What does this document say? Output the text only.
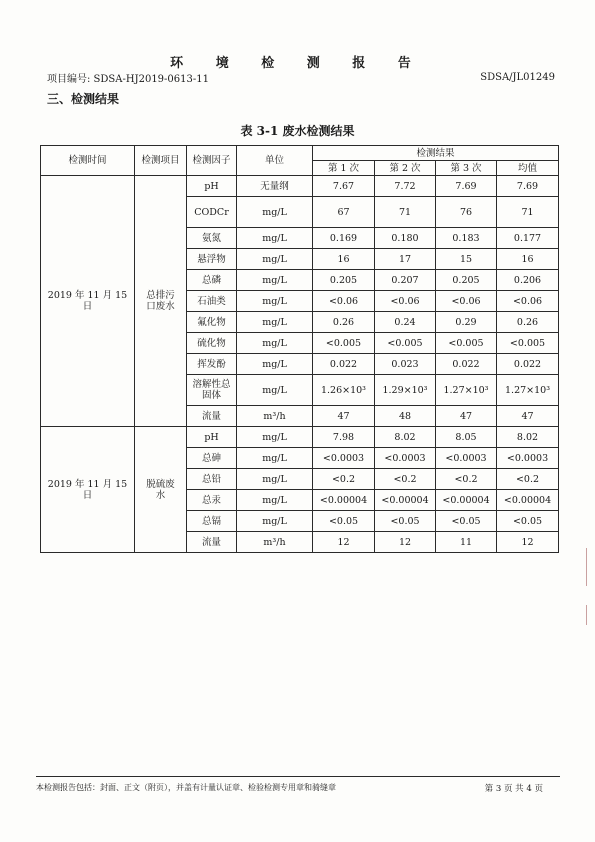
环 境 检 测 报 告
项目编号: SDSA-HJ2019-0613-11	SDSA/JL01249
三、检测结果
表 3-1 废水检测结果
检测时间	检测项目	检测因子	单位	检测结果			
				第 1 次	第 2 次	第 3 次	均值
2019 年 11 月 15 日	总排污口废水	pH	无量纲	7.67	7.72	7.69	7.69
		CODCr	mg/L	67	71	76	71
		氨氮	mg/L	0.169	0.180	0.183	0.177
		悬浮物	mg/L	16	17	15	16
		总磷	mg/L	0.205	0.207	0.205	0.206
		石油类	mg/L	<0.06	<0.06	<0.06	<0.06
		氟化物	mg/L	0.26	0.24	0.29	0.26
		硫化物	mg/L	<0.005	<0.005	<0.005	<0.005
		挥发酚	mg/L	0.022	0.023	0.022	0.022
		溶解性总固体	mg/L	1.26×10³	1.29×10³	1.27×10³	1.27×10³
		流量	m³/h	47	48	47	47
2019 年 11 月 15 日	脱硫废水	pH	mg/L	7.98	8.02	8.05	8.02
		总砷	mg/L	<0.0003	<0.0003	<0.0003	<0.0003
		总铅	mg/L	<0.2	<0.2	<0.2	<0.2
		总汞	mg/L	<0.00004	<0.00004	<0.00004	<0.00004
		总镉	mg/L	<0.05	<0.05	<0.05	<0.05
		流量	m³/h	12	12	11	12
本检测报告包括：封面、正文（附页），并盖有计量认证章、检验检测专用章和骑缝章	第 3 页 共 4 页
